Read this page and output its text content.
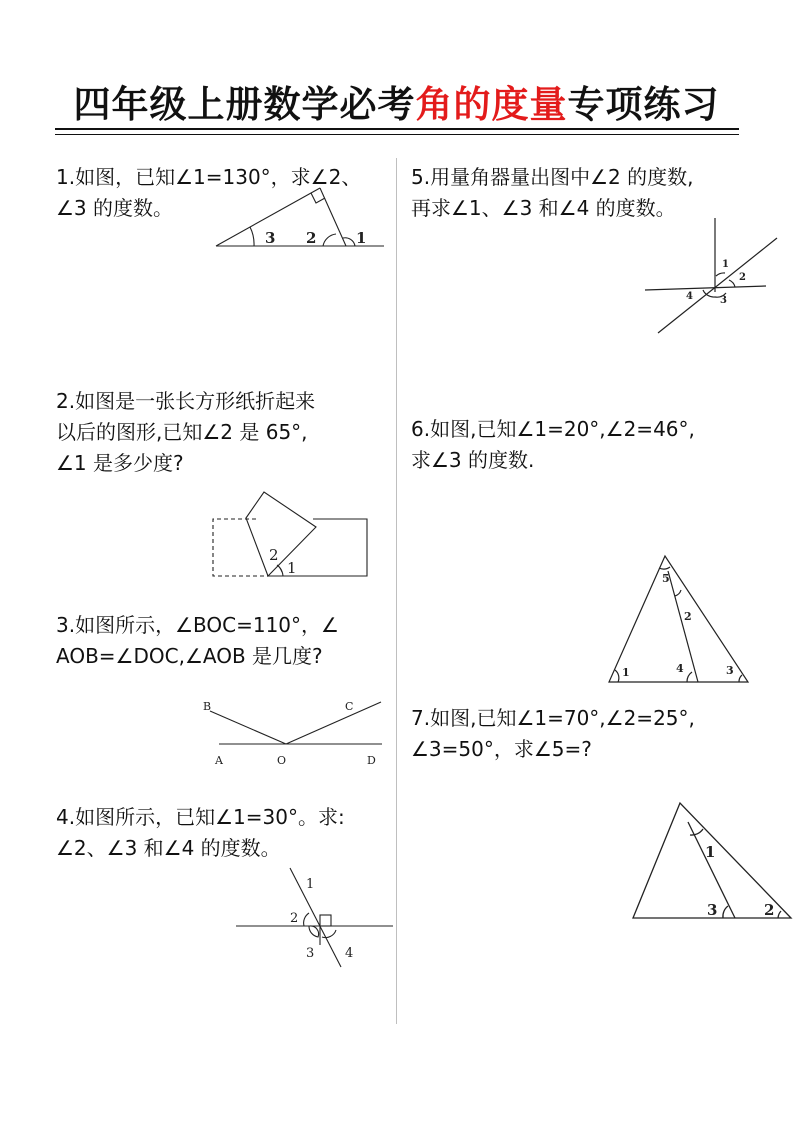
四年级上册数学必考角的度量专项练习
1.如图，已知∠1=130°，求∠2、
∠3 的度数。
3 2	1
2.如图是一张长方形纸折起来
以后的图形,已知∠2 是 65°,
∠1 是多少度?
2
1
3.如图所示，∠BOC=110°，∠
AOB=∠DOC,∠AOB 是几度?
B	C
A	O	D
4.如图所示，已知∠1=30°。求:
∠2、∠3 和∠4 的度数。
1
2
3 4
5.用量角器量出图中∠2 的度数,
再求∠1、∠3 和∠4 的度数。
1
2
4	3
6.如图,已知∠1=20°,∠2=46°,
求∠3 的度数.
5
2
1	4	3
7.如图,已知∠1=70°,∠2=25°,
∠3=50°，求∠5=?
1
3	2
